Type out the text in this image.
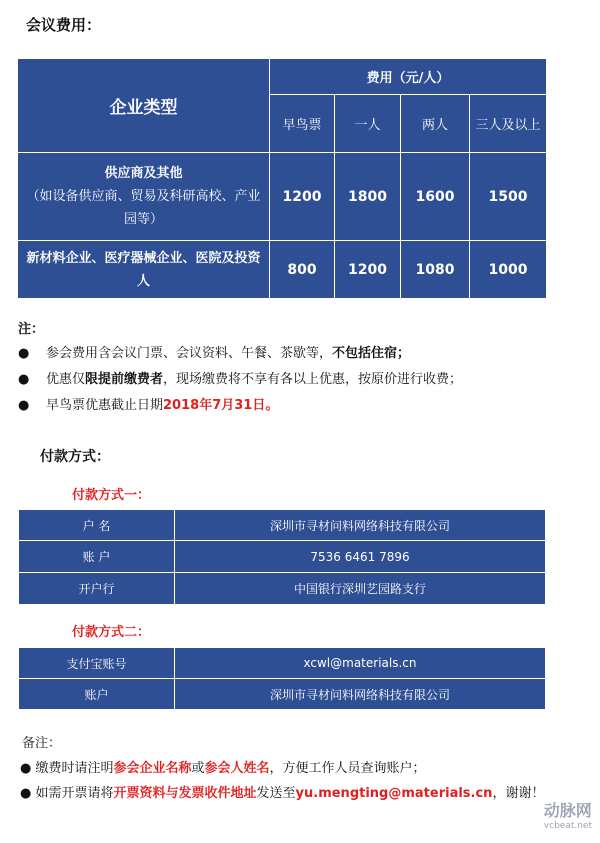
会议费用：
企业类型	费用（元/人）			
	早鸟票	一人	两人	三人及以上
供应商及其他
（如设备供应商、贸易及科研高校、产业园等）	1200	1800	1600	1500
新材料企业、医疗器械企业、医院及投资人	800	1200	1080	1000
注：
● 参会费用含会议门票、会议资料、午餐、茶歇等，不包括住宿；
● 优惠仅限提前缴费者，现场缴费将不享有各以上优惠，按原价进行收费；
● 早鸟票优惠截止日期2018年7月31日。
付款方式：
付款方式一：
户 名	深圳市寻材问料网络科技有限公司
账 户	7536 6461 7896
开户行	中国银行深圳艺园路支行
付款方式二：
支付宝账号	xcwl@materials.cn
账户	深圳市寻材问料网络科技有限公司
备注：
● 缴费时请注明参会企业名称或参会人姓名，方便工作人员查询账户；
● 如需开票请将开票资料与发票收件地址发送至yu.mengting@materials.cn，谢谢！
动脉网
vcbeat.net
